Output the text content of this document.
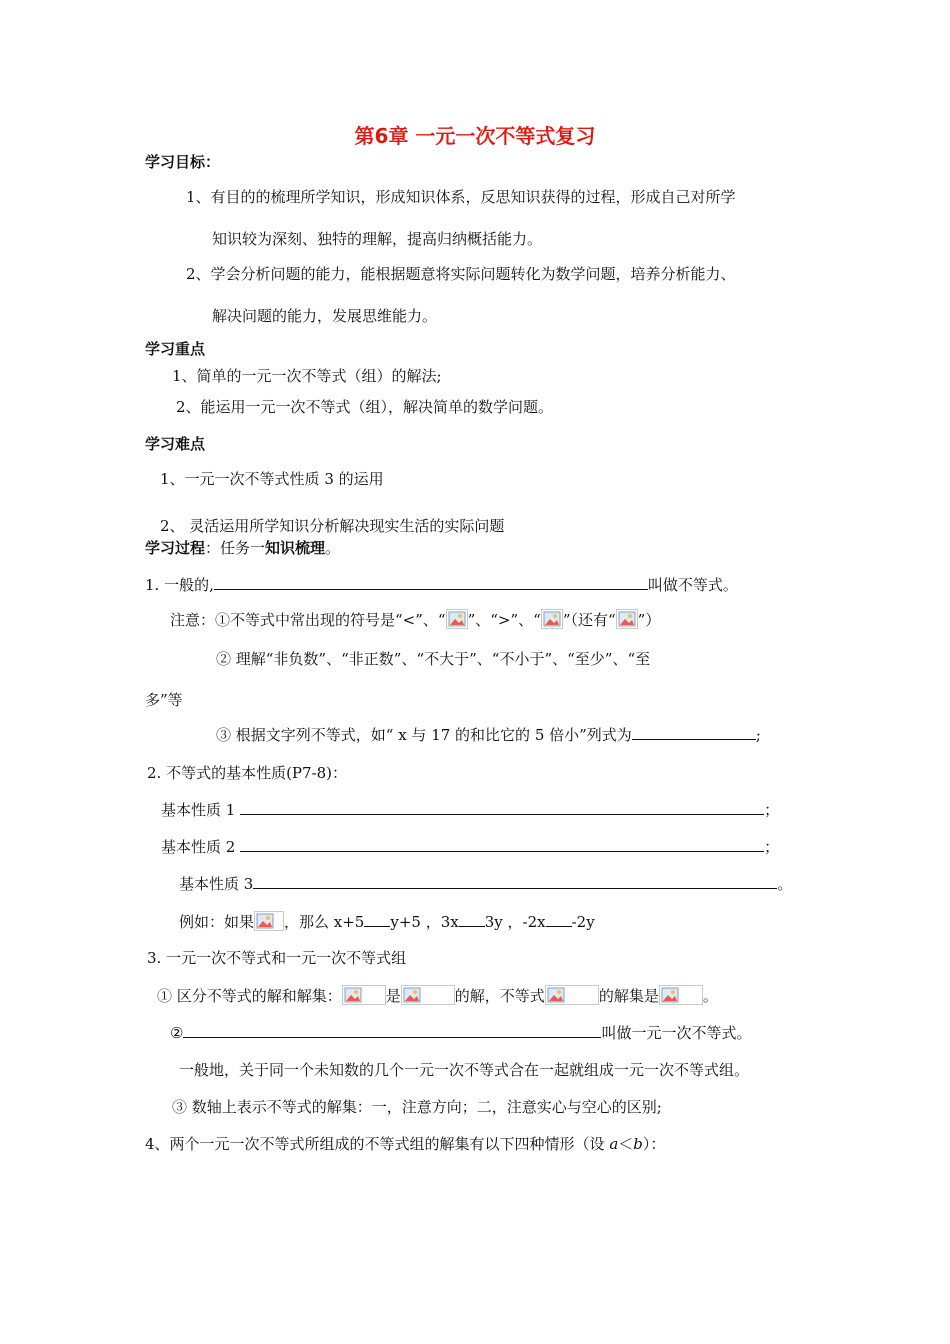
第6章 一元一次不等式复习
学习目标：
1、有目的的梳理所学知识，形成知识体系，反思知识获得的过程，形成自己对所学
知识较为深刻、独特的理解，提高归纳概括能力。
2、学会分析问题的能力，能根据题意将实际问题转化为数学问题，培养分析能力、
解决问题的能力，发展思维能力。
学习重点
1、简单的一元一次不等式（组）的解法;
2、能运用一元一次不等式（组），解决简单的数学问题。
学习难点
1、一元一次不等式性质 3 的运用
2、 灵活运用所学知识分析解决现实生活的实际问题
学习过程：任务一知识梳理。
1. 一般的,	叫做不等式。
注意：①不等式中常出现的符号是“<”、“ ”、“>”、“ ”（还有“ ”）
② 理解“非负数”、“非正数”、“不大于”、“不小于”、“至少”、“至
多”等
③ 根据文字列不等式，如“ x 与 17 的和比它的 5 倍小”列式为	;
2. 不等式的基本性质(P7-8)：
基本性质 1	；
基本性质 2	；
基本性质 3	。
例如：如果 ，那么 x+5 y+5 ，3x 3y ，-2x -2y
3. 一元一次不等式和一元一次不等式组
① 区分不等式的解和解集：	是	的解，不等式	的解集是	。
②	叫做一元一次不等式。
一般地，关于同一个未知数的几个一元一次不等式合在一起就组成一元一次不等式组。
③ 数轴上表示不等式的解集：一，注意方向；二，注意实心与空心的区别;
4、两个一元一次不等式所组成的不等式组的解集有以下四种情形（设 a＜b）：
